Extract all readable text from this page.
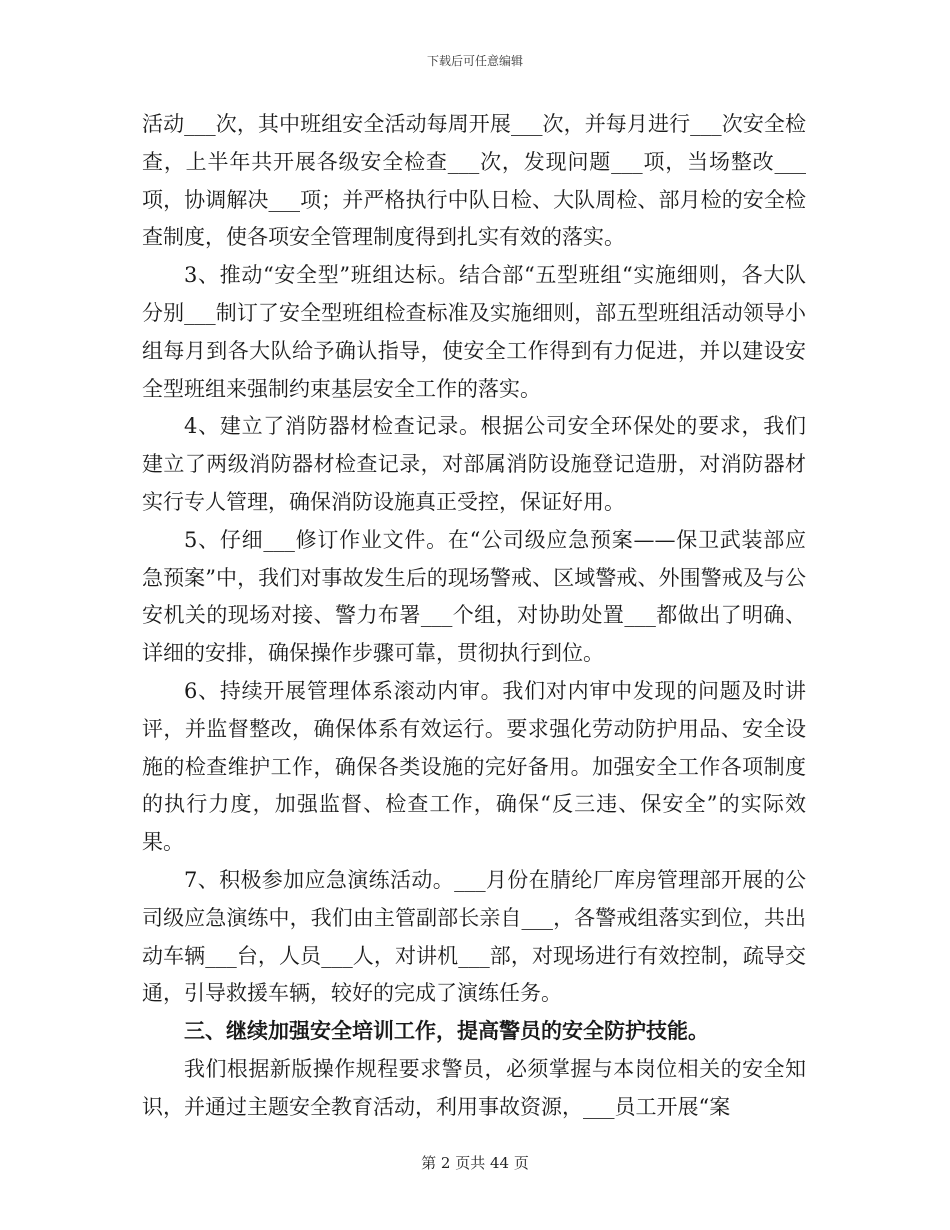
下载后可任意编辑

活动___次，其中班组安全活动每周开展___次，并每月进行___次安全检查，上半年共开展各级安全检查___次，发现问题___项，当场整改___项，协调解决___项；并严格执行中队日检、大队周检、部月检的安全检查制度，使各项安全管理制度得到扎实有效的落实。

3、推动“安全型”班组达标。结合部“五型班组“实施细则，各大队分别___制订了安全型班组检查标准及实施细则，部五型班组活动领导小组每月到各大队给予确认指导，使安全工作得到有力促进，并以建设安全型班组来强制约束基层安全工作的落实。

4、建立了消防器材检查记录。根据公司安全环保处的要求，我们建立了两级消防器材检查记录，对部属消防设施登记造册，对消防器材实行专人管理，确保消防设施真正受控，保证好用。

5、仔细___修订作业文件。在“公司级应急预案——保卫武装部应急预案”中，我们对事故发生后的现场警戒、区域警戒、外围警戒及与公安机关的现场对接、警力布署___个组，对协助处置___都做出了明确、详细的安排，确保操作步骤可靠，贯彻执行到位。

6、持续开展管理体系滚动内审。我们对内审中发现的问题及时讲评，并监督整改，确保体系有效运行。要求强化劳动防护用品、安全设施的检查维护工作，确保各类设施的完好备用。加强安全工作各项制度的执行力度，加强监督、检查工作，确保“反三违、保安全”的实际效果。

7、积极参加应急演练活动。___月份在腈纶厂库房管理部开展的公司级应急演练中，我们由主管副部长亲自___，各警戒组落实到位，共出动车辆___台，人员___人，对讲机___部，对现场进行有效控制，疏导交通，引导救援车辆，较好的完成了演练任务。

三、继续加强安全培训工作，提高警员的安全防护技能。

我们根据新版操作规程要求警员，必须掌握与本岗位相关的安全知识，并通过主题安全教育活动，利用事故资源，___员工开展“案

第 2 页共 44 页
